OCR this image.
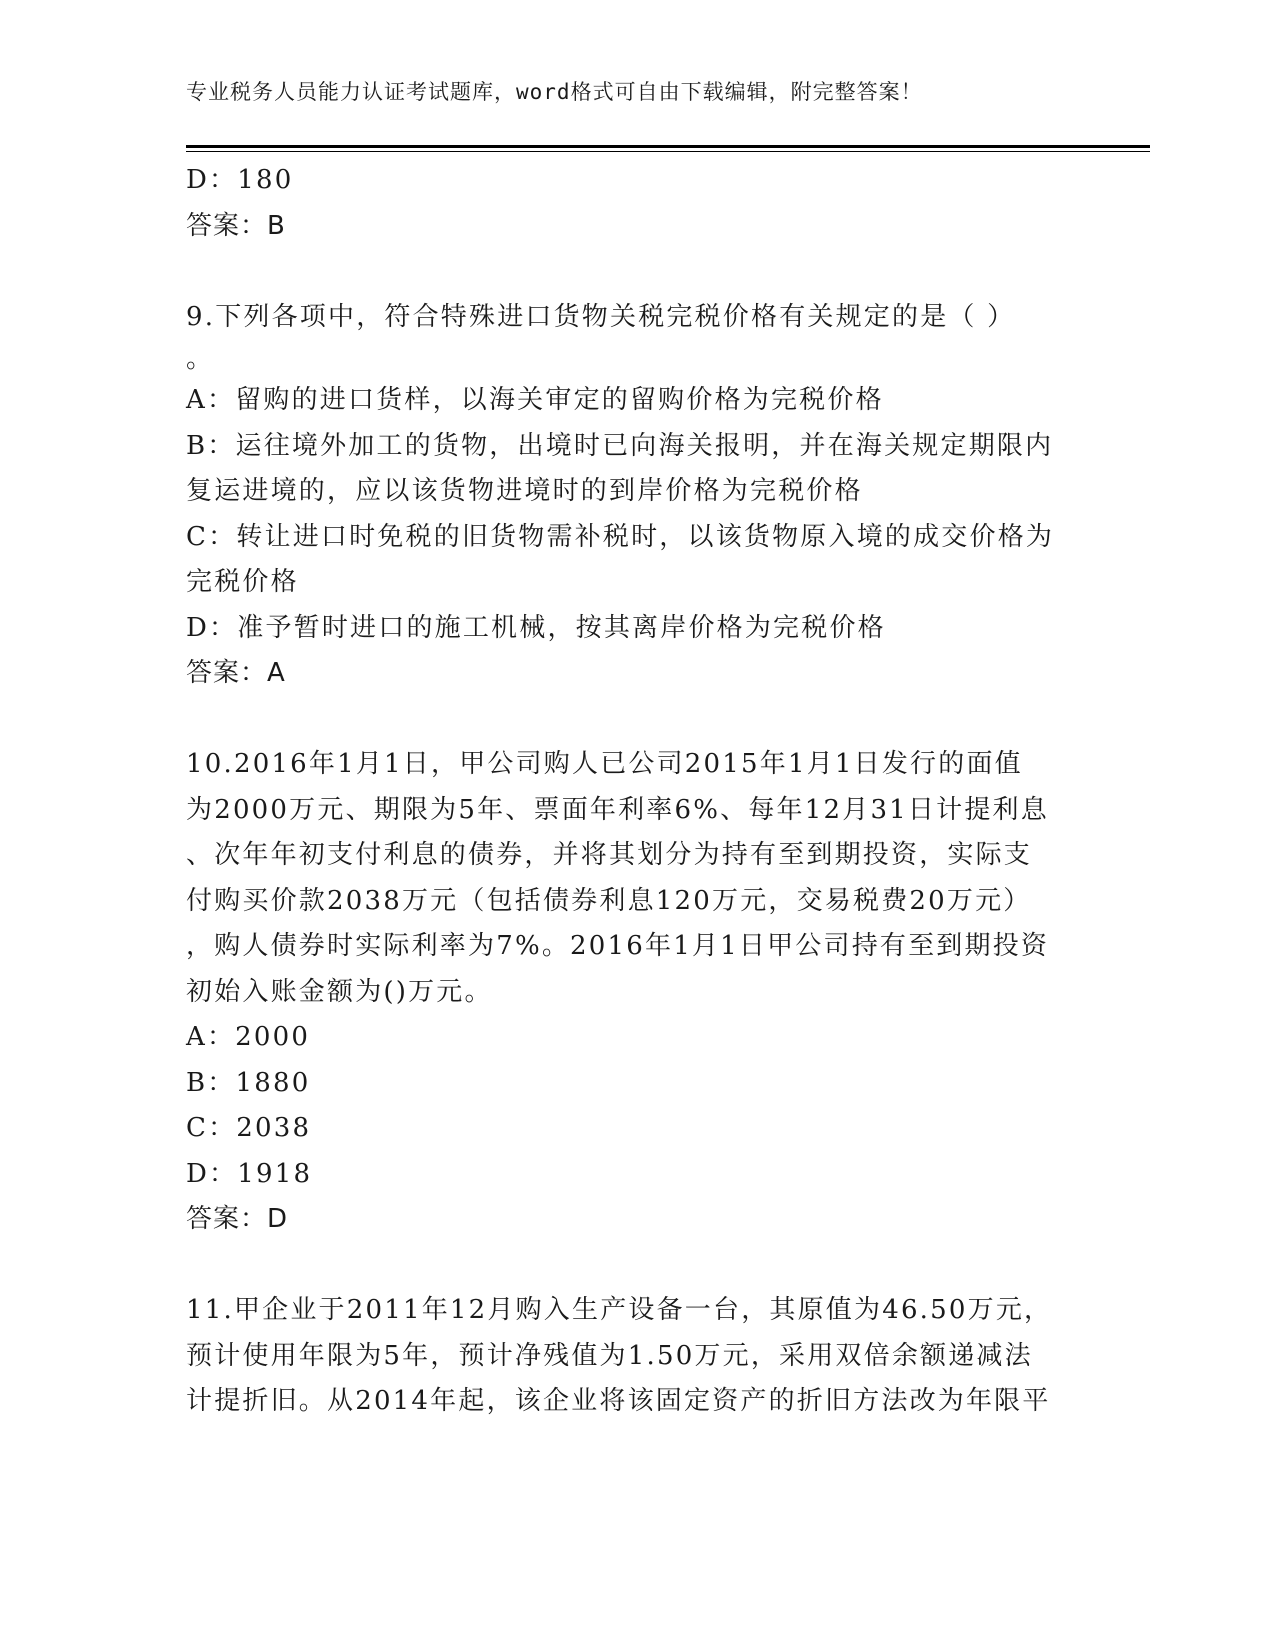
专业税务人员能力认证考试题库，word格式可自由下载编辑，附完整答案！
D：180
答案：B
9.下列各项中，符合特殊进口货物关税完税价格有关规定的是（ ）
。
A：留购的进口货样，以海关审定的留购价格为完税价格
B：运往境外加工的货物，出境时已向海关报明，并在海关规定期限内
复运进境的，应以该货物进境时的到岸价格为完税价格
C：转让进口时免税的旧货物需补税时，以该货物原入境的成交价格为
完税价格
D：准予暂时进口的施工机械，按其离岸价格为完税价格
答案：A
10.2016年1月1日，甲公司购人已公司2015年1月1日发行的面值
为2000万元、期限为5年、票面年利率6%、每年12月31日计提利息
、次年年初支付利息的债券，并将其划分为持有至到期投资，实际支
付购买价款2038万元（包括债券利息120万元，交易税费20万元）
，购人债券时实际利率为7%。2016年1月1日甲公司持有至到期投资
初始入账金额为()万元。
A：2000
B：1880
C：2038
D：1918
答案：D
11.甲企业于2011年12月购入生产设备一台，其原值为46.50万元，
预计使用年限为5年，预计净残值为1.50万元，采用双倍余额递减法
计提折旧。从2014年起，该企业将该固定资产的折旧方法改为年限平
